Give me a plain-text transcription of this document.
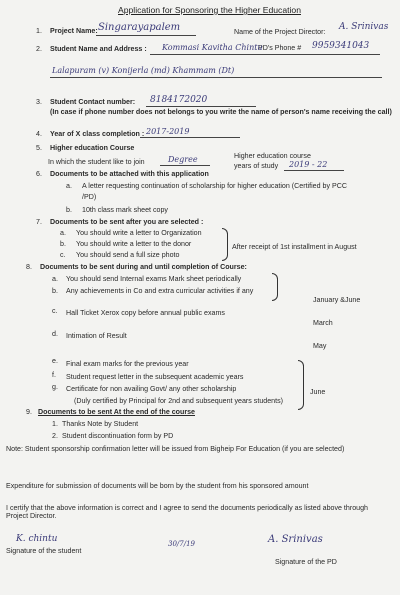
Application for Sponsoring the Higher Education
1. Project Name: Singarayapalem	Name of the Project Director: A. Srinivas
PD's Phone # 9959341043
2. Student Name and Address : Kommasi Kavitha Chintu
Lalapuram (v) Konijerla (md) Khammam (Dt)
3. Student Contact number: 8184172020
(In case if phone number does not belongs to you write the name of person's name receiving the call)
4. Year of X class completion : 2017-2019
5. Higher education Course
In which the student like to join	Degree	Higher education course
years of study 2019 - 22
6. Documents to be attached with this application
a. A letter requesting continuation of scholarship for higher education (Certified by PCC
/PD)
b. 10th class mark sheet copy
7. Documents to be sent after you are selected :
a. You should write a letter to Organization
b. You should write a letter to the donor
c. You should send a full size photo
After receipt of 1st installment in August
8. Documents to be sent during and until completion of Course:
a. You should send Internal exams Mark sheet periodically
b. Any achievements in Co and extra curricular activities if any
January &June
c. Hall Ticket Xerox copy before annual public exams
March
d. Intimation of Result
May
e. Final exam marks for the previous year
f. Student request letter in the subsequent academic years
g. Certificate for non availing Govt/ any other scholarship
(Duly certified by Principal for 2nd and subsequent years students)
June
9. Documents to be sent At the end of the course
1. Thanks Note by Student
2. Student discontinuation form by PD
Note: Student sponsorship confirmation letter will be issued from Bigheip For Education (if you are selected)
Expenditure for submission of documents will be born by the student from his sponsored amount
I certify that the above information is correct and I agree to send the documents periodically as listed above through Project Director.
K. chintu
Signature of the student
30/7/19	A. Srinivas
Signature of the PD
